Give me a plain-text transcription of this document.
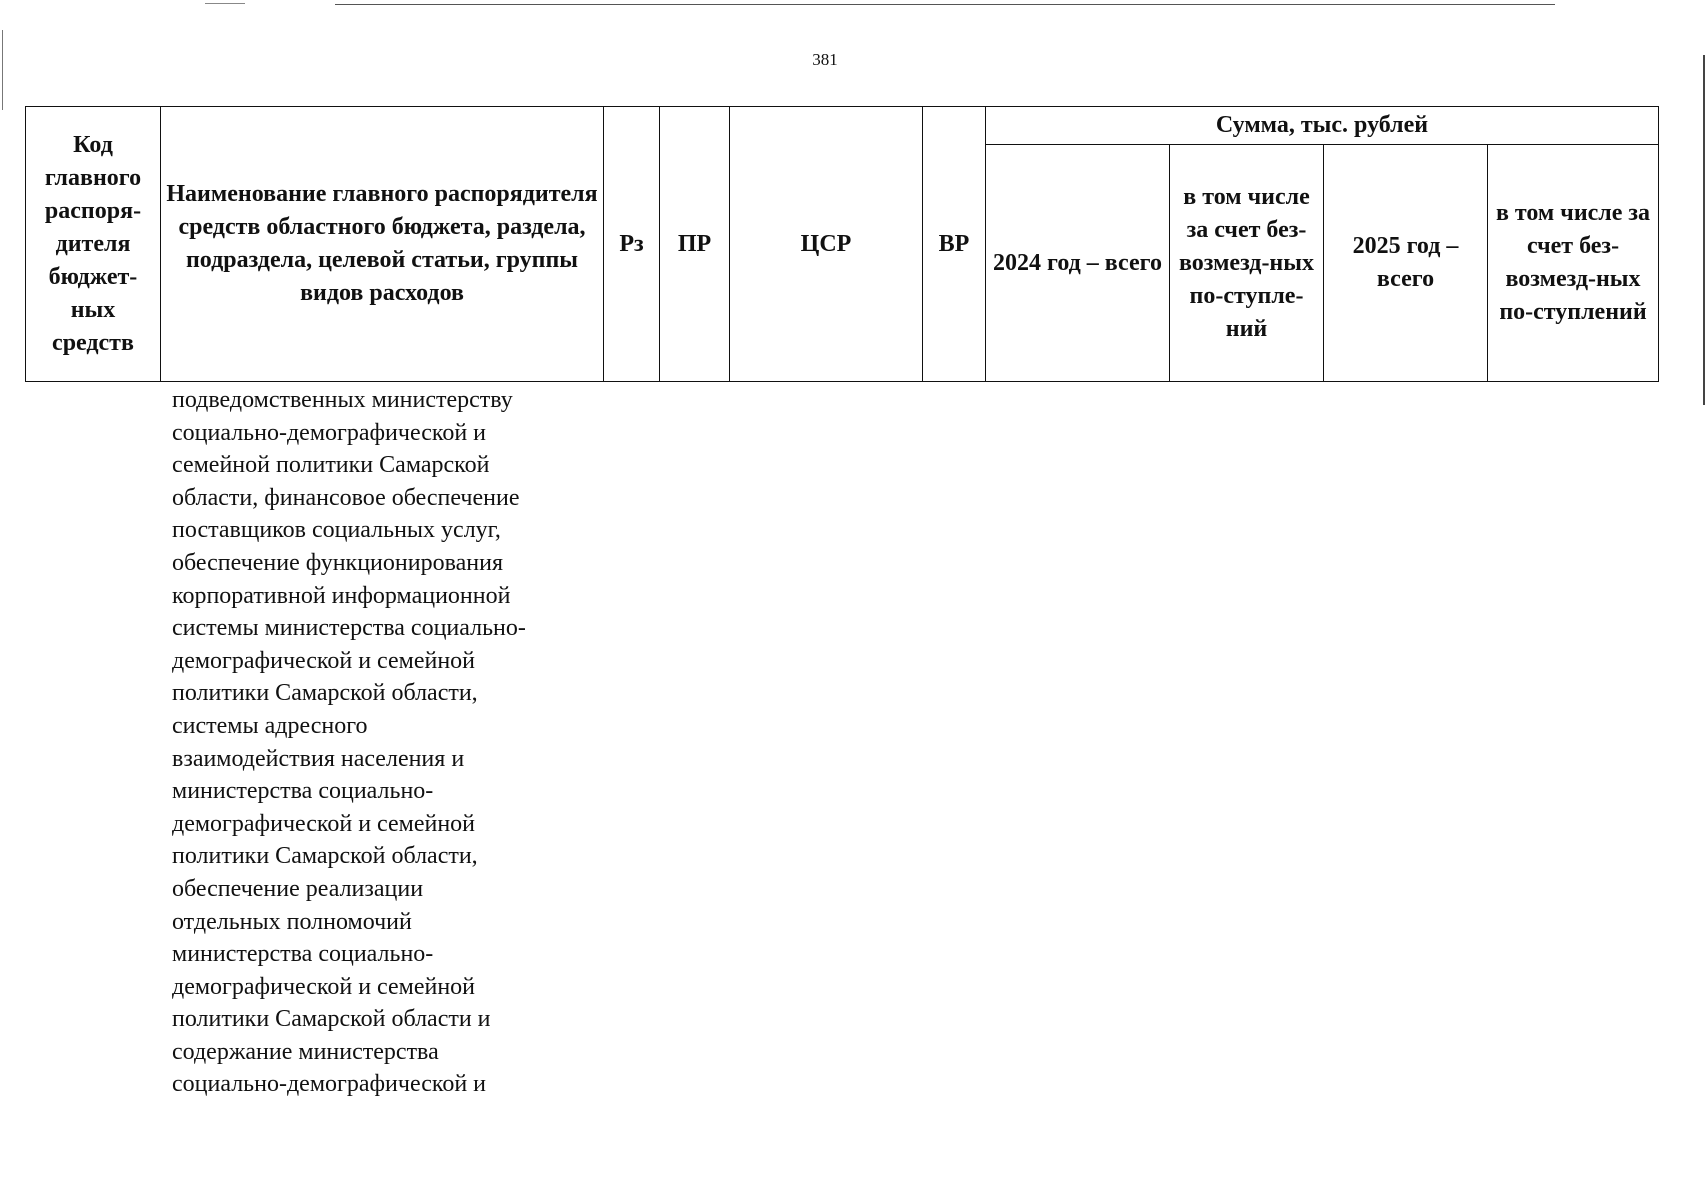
381
Код главного распоря-дителя бюджет-ных средств	Наименование главного распорядителя средств областного бюджета, раздела, подраздела, целевой статьи, группы видов расходов	Рз	ПР	ЦСР	ВР	Сумма, тыс. рублей			
						2024 год – всего	в том числе за счет без-возмезд-ных по-ступле-ний	2025 год – всего	в том числе за счет без-возмезд-ных по-ступлений
подведомственных министерству
социально-демографической и
семейной политики Самарской
области, финансовое обеспечение
поставщиков социальных услуг,
обеспечение функционирования
корпоративной информационной
системы министерства социально-
демографической и семейной
политики Самарской области,
системы адресного
взаимодействия населения и
министерства социально-
демографической и семейной
политики Самарской области,
обеспечение реализации
отдельных полномочий
министерства социально-
демографической и семейной
политики Самарской области и
содержание министерства
социально-демографической и
